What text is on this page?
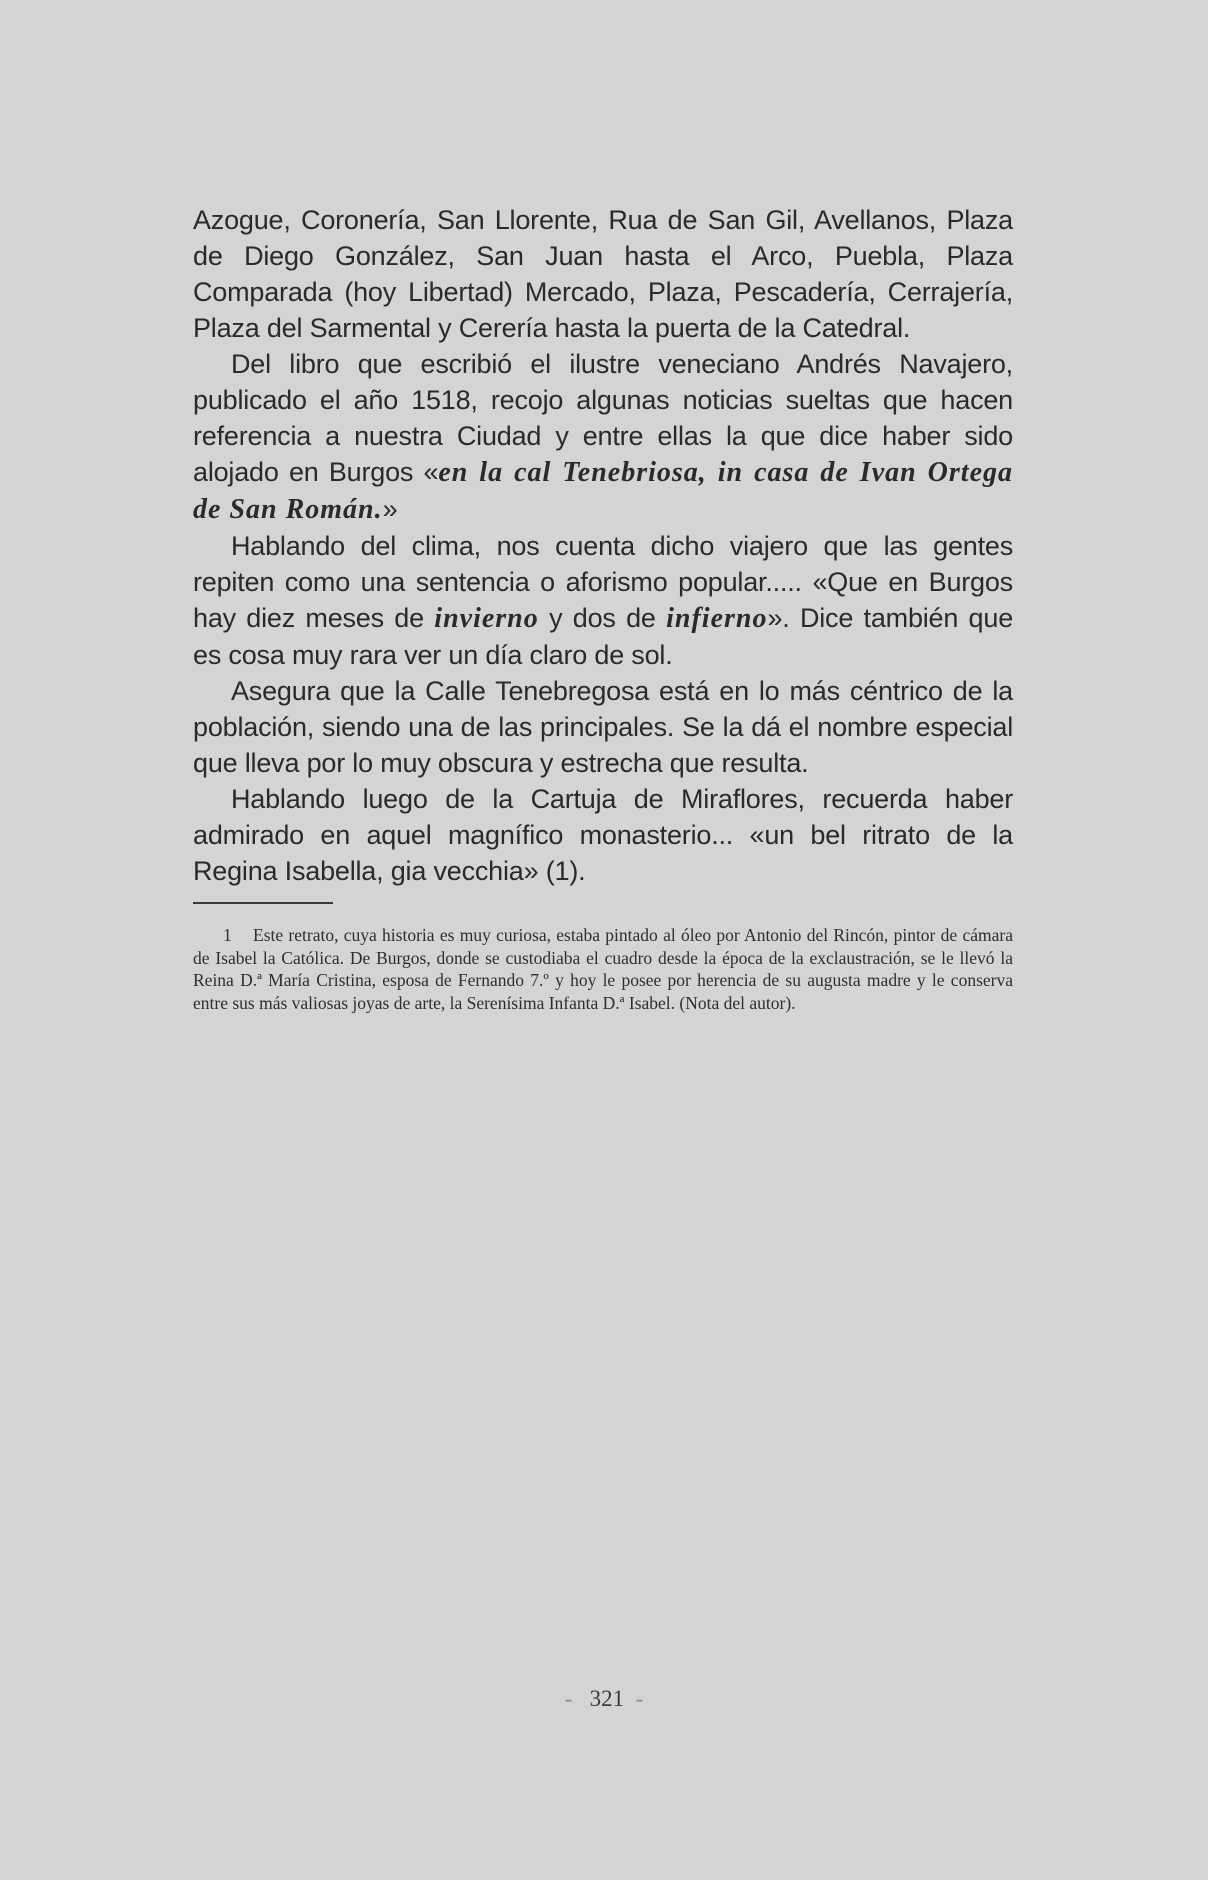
Azogue, Coronería, San Llorente, Rua de San Gil, Avellanos, Plaza de Diego González, San Juan hasta el Arco, Puebla, Plaza Comparada (hoy Libertad) Mercado, Plaza, Pescadería, Cerrajería, Plaza del Sarmental y Cerería hasta la puerta de la Catedral.

Del libro que escribió el ilustre veneciano Andrés Navajero, publicado el año 1518, recojo algunas noticias sueltas que hacen referencia a nuestra Ciudad y entre ellas la que dice haber sido alojado en Burgos «en la cal Tenebriosa, in casa de Ivan Ortega de San Román.»

Hablando del clima, nos cuenta dicho viajero que las gentes repiten como una sentencia o aforismo popular..... «Que en Burgos hay diez meses de invierno y dos de infierno». Dice también que es cosa muy rara ver un día claro de sol.

Asegura que la Calle Tenebregosa está en lo más céntrico de la población, siendo una de las principales. Se la dá el nombre especial que lleva por lo muy obscura y estrecha que resulta.

Hablando luego de la Cartuja de Miraflores, recuerda haber admirado en aquel magnífico monasterio... «un bel ritrato de la Regina Isabella, gia vecchia» (1).

1 Este retrato, cuya historia es muy curiosa, estaba pintado al óleo por Antonio del Rincón, pintor de cámara de Isabel la Católica. De Burgos, donde se custodiaba el cuadro desde la época de la exclaustración, se le llevó la Reina D.ª María Cristina, esposa de Fernando 7.º y hoy le posee por herencia de su augusta madre y le conserva entre sus más valiosas joyas de arte, la Serenísima Infanta D.ª Isabel. (Nota del autor).
- 321 -
